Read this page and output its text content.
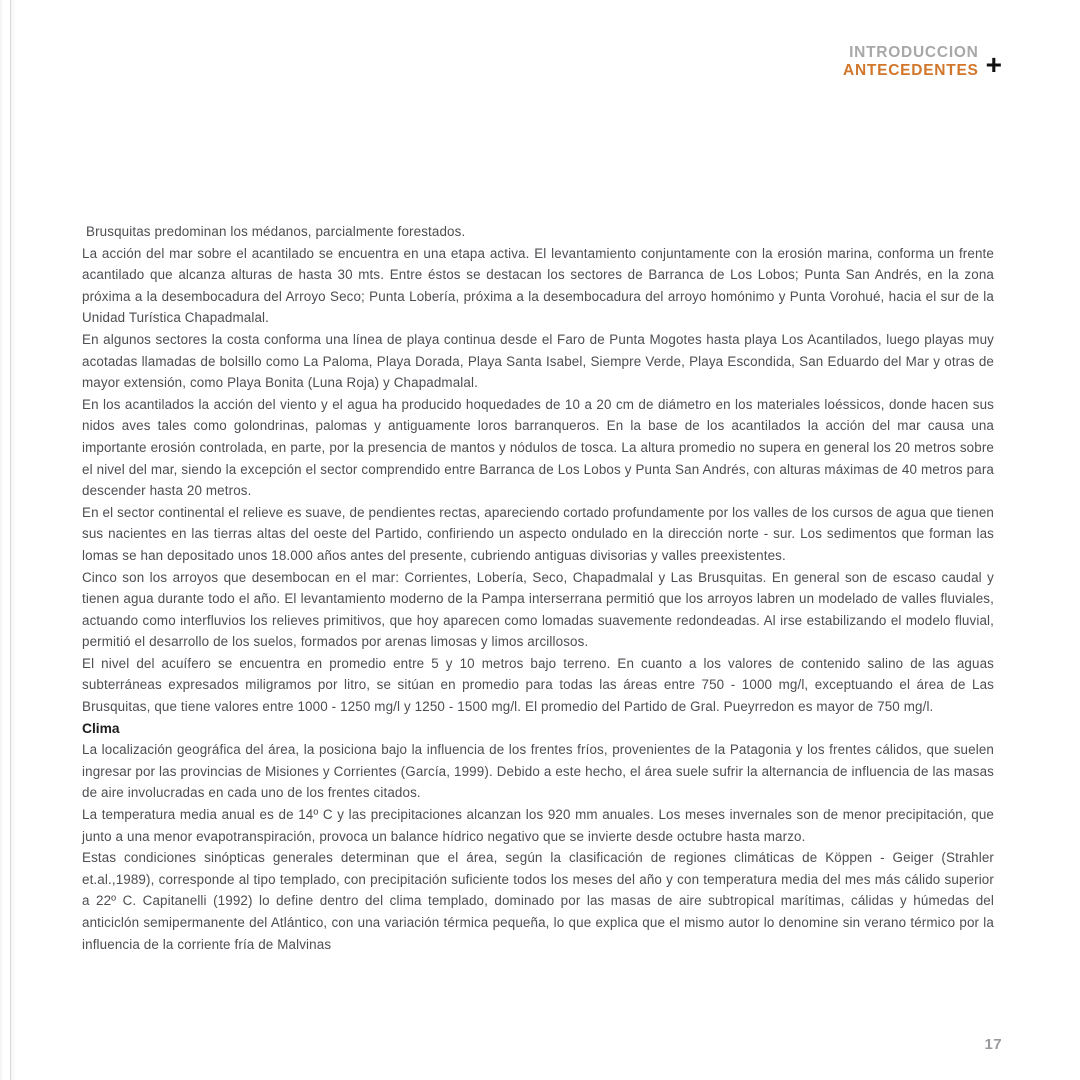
INTRODUCCION
ANTECEDENTES +

Brusquitas predominan los médanos, parcialmente forestados.

La acción del mar sobre el acantilado se encuentra en una etapa activa. El levantamiento conjuntamente con la erosión marina, conforma un frente acantilado que alcanza alturas de hasta 30 mts. Entre éstos se destacan los sectores de Barranca de Los Lobos; Punta San Andrés, en la zona próxima a la desembocadura del Arroyo Seco; Punta Lobería, próxima a la desembocadura del arroyo homónimo y Punta Vorohué, hacia el sur de la Unidad Turística Chapadmalal.

En algunos sectores la costa conforma una línea de playa continua desde el Faro de Punta Mogotes hasta playa Los Acantilados, luego playas muy acotadas llamadas de bolsillo como La Paloma, Playa Dorada, Playa Santa Isabel, Siempre Verde, Playa Escondida, San Eduardo del Mar y otras de mayor extensión, como Playa Bonita (Luna Roja) y Chapadmalal.

En los acantilados la acción del viento y el agua ha producido hoquedades de 10 a 20 cm de diámetro en los materiales loéssicos, donde hacen sus nidos aves tales como golondrinas, palomas y antiguamente loros barranqueros. En la base de los acantilados la acción del mar causa una importante erosión controlada, en parte, por la presencia de mantos y nódulos de tosca. La altura promedio no supera en general los 20 metros sobre el nivel del mar, siendo la excepción el sector comprendido entre Barranca de Los Lobos y Punta San Andrés, con alturas máximas de 40 metros para descender hasta 20 metros.

En el sector continental el relieve es suave, de pendientes rectas, apareciendo cortado profundamente por los valles de los cursos de agua que tienen sus nacientes en las tierras altas del oeste del Partido, confiriendo un aspecto ondulado en la dirección norte - sur. Los sedimentos que forman las lomas se han depositado unos 18.000 años antes del presente, cubriendo antiguas divisorias y valles preexistentes.

Cinco son los arroyos que desembocan en el mar: Corrientes, Lobería, Seco, Chapadmalal y Las Brusquitas. En general son de escaso caudal y tienen agua durante todo el año. El levantamiento moderno de la Pampa interserrana permitió que los arroyos labren un modelado de valles fluviales, actuando como interfluvios los relieves primitivos, que hoy aparecen como lomadas suavemente redondeadas. Al irse estabilizando el modelo fluvial, permitió el desarrollo de los suelos, formados por arenas limosas y limos arcillosos.

El nivel del acuífero se encuentra en promedio entre 5 y 10 metros bajo terreno. En cuanto a los valores de contenido salino de las aguas subterráneas expresados miligramos por litro, se sitúan en promedio para todas las áreas entre 750 - 1000 mg/l, exceptuando el área de Las Brusquitas, que tiene valores entre 1000 - 1250 mg/l y 1250 - 1500 mg/l. El promedio del Partido de Gral. Pueyrredon es mayor de 750 mg/l.

Clima

La localización geográfica del área, la posiciona bajo la influencia de los frentes fríos, provenientes de la Patagonia y los frentes cálidos, que suelen ingresar por las provincias de Misiones y Corrientes (García, 1999). Debido a este hecho, el área suele sufrir la alternancia de influencia de las masas de aire involucradas en cada uno de los frentes citados.

La temperatura media anual es de 14º C y las precipitaciones alcanzan los 920 mm anuales. Los meses invernales son de menor precipitación, que junto a una menor evapotranspiración, provoca un balance hídrico negativo que se invierte desde octubre hasta marzo.

Estas condiciones sinópticas generales determinan que el área, según la clasificación de regiones climáticas de Köppen - Geiger (Strahler et.al.,1989), corresponde al tipo templado, con precipitación suficiente todos los meses del año y con temperatura media del mes más cálido superior a 22º C. Capitanelli (1992) lo define dentro del clima templado, dominado por las masas de aire subtropical marítimas, cálidas y húmedas del anticiclón semipermanente del Atlántico, con una variación térmica pequeña, lo que explica que el mismo autor lo denomine sin verano térmico por la influencia de la corriente fría de Malvinas

17
